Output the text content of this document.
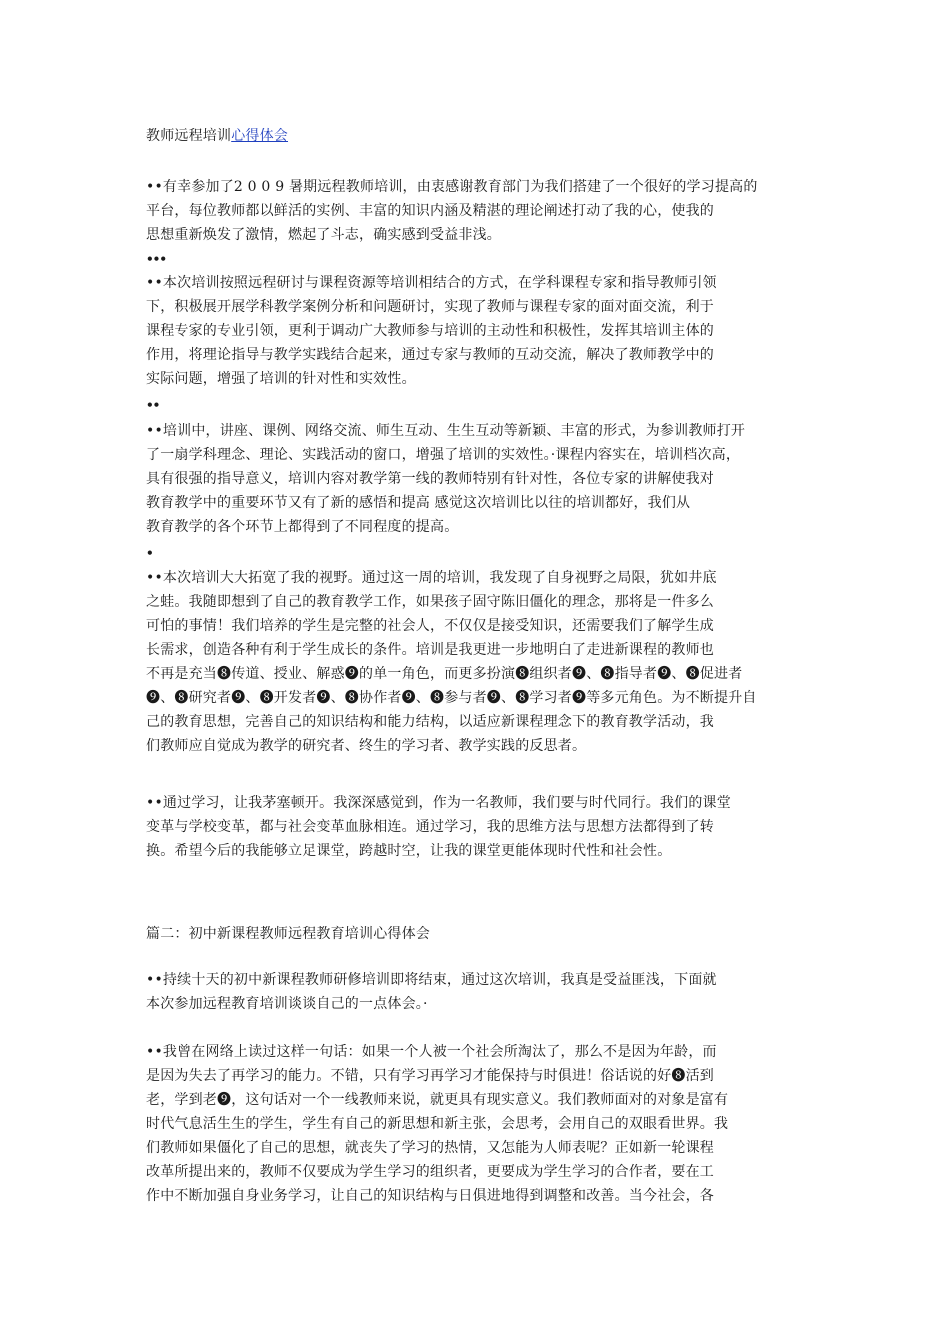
教师远程培训心得体会
••有幸参加了2 0 0 9 暑期远程教师培训，由衷感谢教育部门为我们搭建了一个很好的学习提高的
平台，每位教师都以鲜活的实例、丰富的知识内涵及精湛的理论阐述打动了我的心，使我的
思想重新焕发了激情，燃起了斗志，确实感到受益非浅。
•••
••本次培训按照远程研讨与课程资源等培训相结合的方式，在学科课程专家和指导教师引领
下，积极展开展学科教学案例分析和问题研讨，实现了教师与课程专家的面对面交流，利于
课程专家的专业引领，更利于调动广大教师参与培训的主动性和积极性，发挥其培训主体的
作用，将理论指导与教学实践结合起来，通过专家与教师的互动交流，解决了教师教学中的
实际问题，增强了培训的针对性和实效性。
••
••培训中，讲座、课例、网络交流、师生互动、生生互动等新颖、丰富的形式，为参训教师打开
了一扇学科理念、理论、实践活动的窗口，增强了培训的实效性。·课程内容实在，培训档次高，
具有很强的指导意义，培训内容对教学第一线的教师特别有针对性，各位专家的讲解使我对
教育教学中的重要环节又有了新的感悟和提高 感觉这次培训比以往的培训都好，我们从
教育教学的各个环节上都得到了不同程度的提高。
•
••本次培训大大拓宽了我的视野。通过这一周的培训，我发现了自身视野之局限，犹如井底
之蛙。我随即想到了自己的教育教学工作，如果孩子固守陈旧僵化的理念，那将是一件多么
可怕的事情！我们培养的学生是完整的社会人，不仅仅是接受知识，还需要我们了解学生成
长需求，创造各种有利于学生成长的条件。培训是我更进一步地明白了走进新课程的教师也
不再是充当❽传道、授业、解惑❾的单一角色，而更多扮演❽组织者❾、❽指导者❾、❽促进者
❾、❽研究者❾、❽开发者❾、❽协作者❾、❽参与者❾、❽学习者❾等多元角色。为不断提升自
己的教育思想，完善自己的知识结构和能力结构，以适应新课程理念下的教育教学活动，我
们教师应自觉成为教学的研究者、终生的学习者、教学实践的反思者。
••通过学习，让我茅塞顿开。我深深感觉到，作为一名教师，我们要与时代同行。我们的课堂
变革与学校变革，都与社会变革血脉相连。通过学习，我的思维方法与思想方法都得到了转
换。希望今后的我能够立足课堂，跨越时空，让我的课堂更能体现时代性和社会性。
篇二：初中新课程教师远程教育培训心得体会
••持续十天的初中新课程教师研修培训即将结束，通过这次培训，我真是受益匪浅，下面就
本次参加远程教育培训谈谈自己的一点体会。·
••我曾在网络上读过这样一句话：如果一个人被一个社会所淘汰了，那么不是因为年龄，而
是因为失去了再学习的能力。不错，只有学习再学习才能保持与时俱进！俗话说的好❽活到
老，学到老❾，这句话对一个一线教师来说，就更具有现实意义。我们教师面对的对象是富有
时代气息活生生的学生，学生有自己的新思想和新主张，会思考，会用自己的双眼看世界。我
们教师如果僵化了自己的思想，就丧失了学习的热情，又怎能为人师表呢？正如新一轮课程
改革所提出来的，教师不仅要成为学生学习的组织者，更要成为学生学习的合作者，要在工
作中不断加强自身业务学习，让自己的知识结构与日俱进地得到调整和改善。当今社会，各
